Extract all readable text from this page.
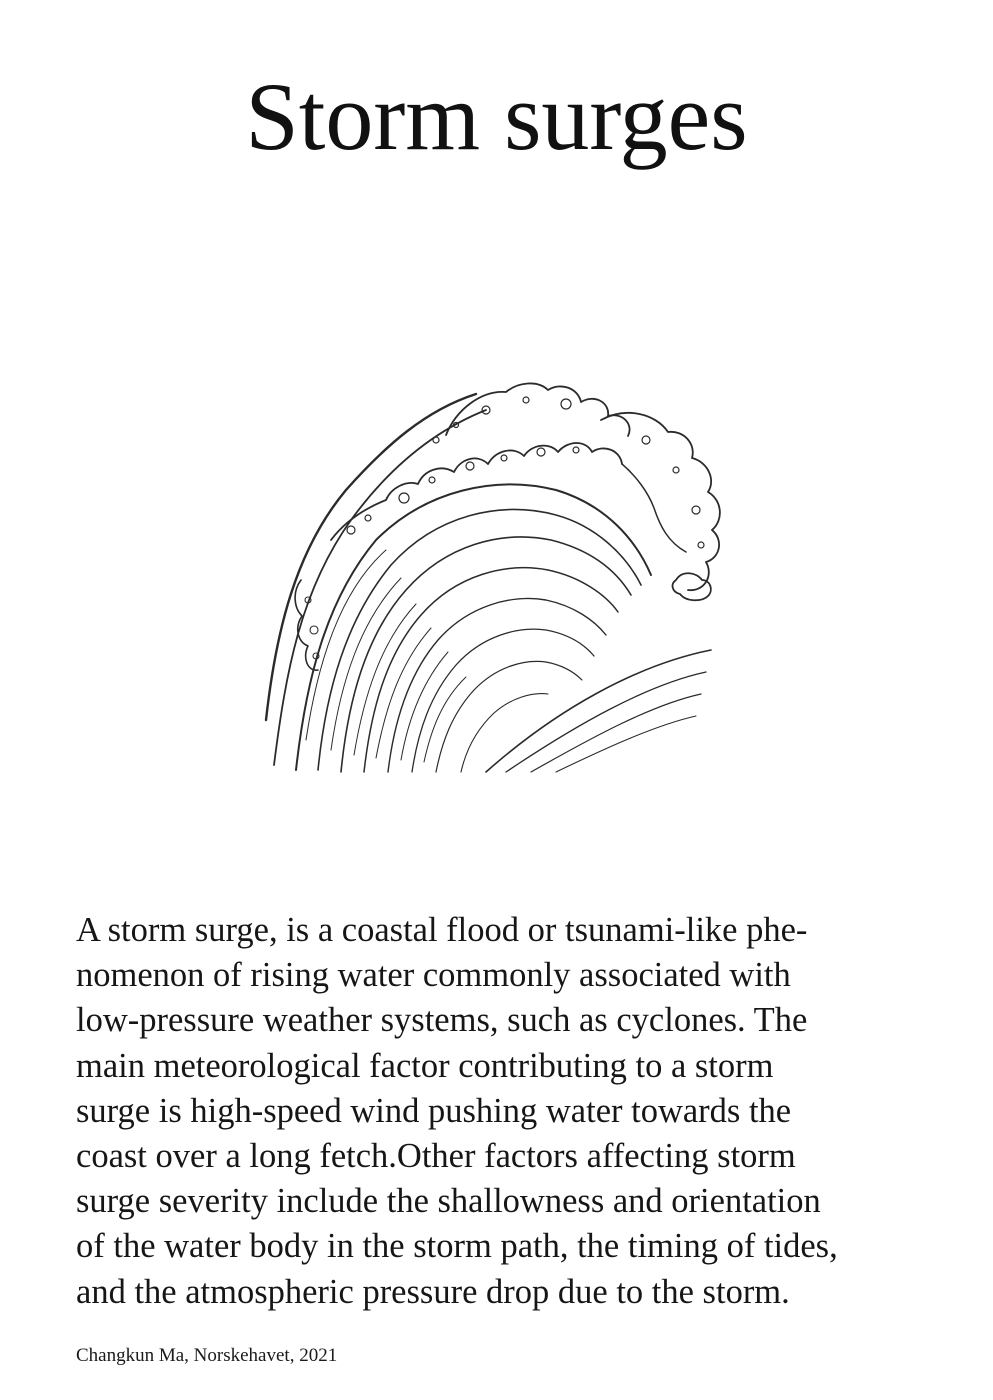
Storm surges

A storm surge, is a coastal flood or tsunami-like phe-
nomenon of rising water commonly associated with
low-pressure weather systems, such as cyclones. The
main meteorological factor contributing to a storm
surge is high-speed wind pushing water towards the
coast over a long fetch.Other factors affecting storm
surge severity include the shallowness and orientation
of the water body in the storm path, the timing of tides,
and the atmospheric pressure drop due to the storm.

Changkun Ma, Norskehavet, 2021
